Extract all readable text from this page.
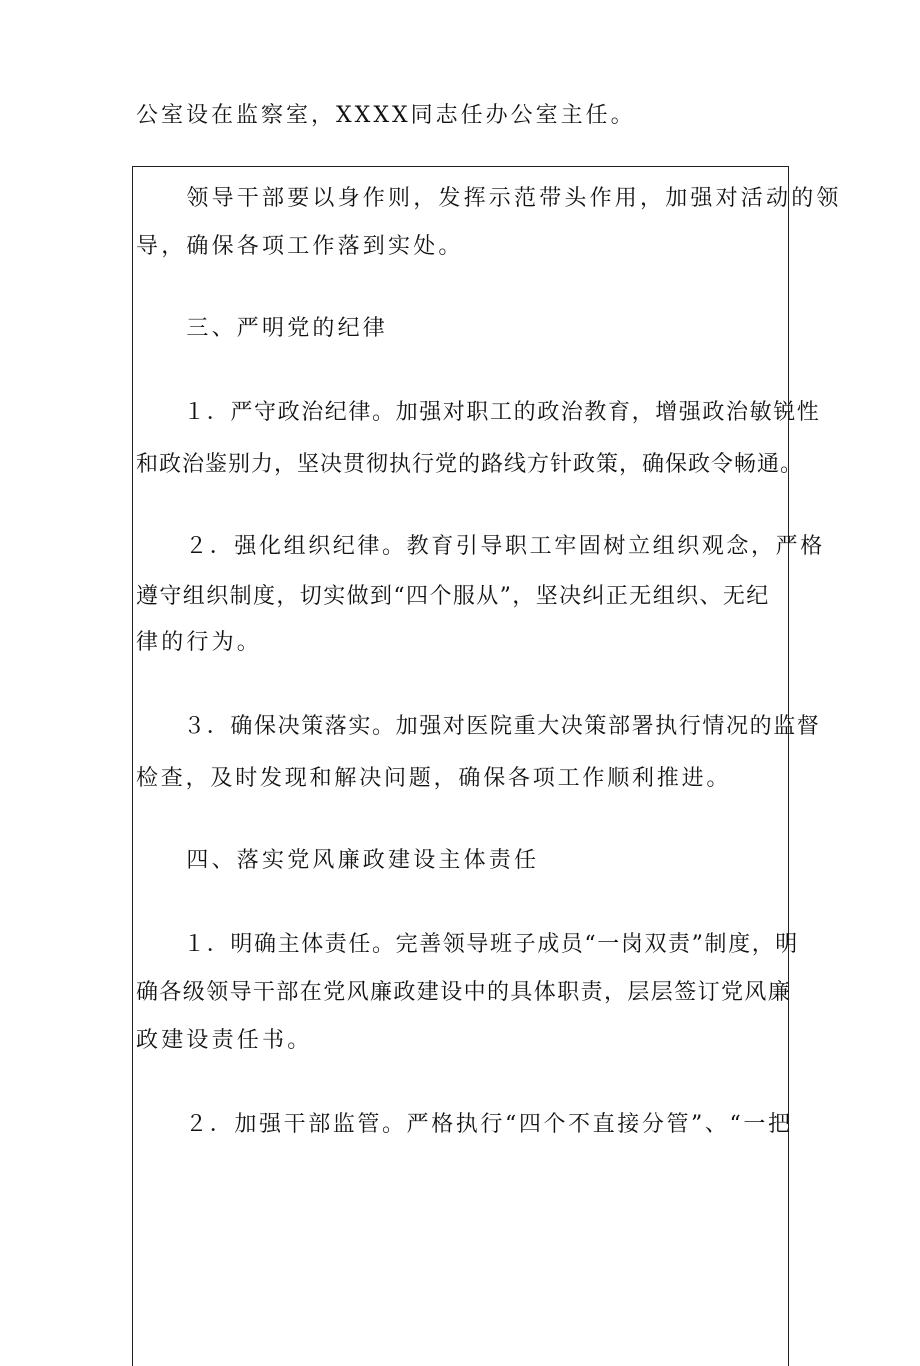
公室设在监察室，XXXX同志任办公室主任。
　　领导干部要以身作则，发挥示范带头作用，加强对活动的领
导，确保各项工作落到实处。
　　三、严明党的纪律
　　１．严守政治纪律。加强对职工的政治教育，增强政治敏锐性
和政治鉴别力，坚决贯彻执行党的路线方针政策，确保政令畅通。
　　２．强化组织纪律。教育引导职工牢固树立组织观念，严格
遵守组织制度，切实做到“四个服从”，坚决纠正无组织、无纪
律的行为。
　　３．确保决策落实。加强对医院重大决策部署执行情况的监督
检查，及时发现和解决问题，确保各项工作顺利推进。
　　四、落实党风廉政建设主体责任
　　１．明确主体责任。完善领导班子成员“一岗双责”制度，明
确各级领导干部在党风廉政建设中的具体职责，层层签订党风廉
政建设责任书。
　　２．加强干部监管。严格执行“四个不直接分管”、“一把
